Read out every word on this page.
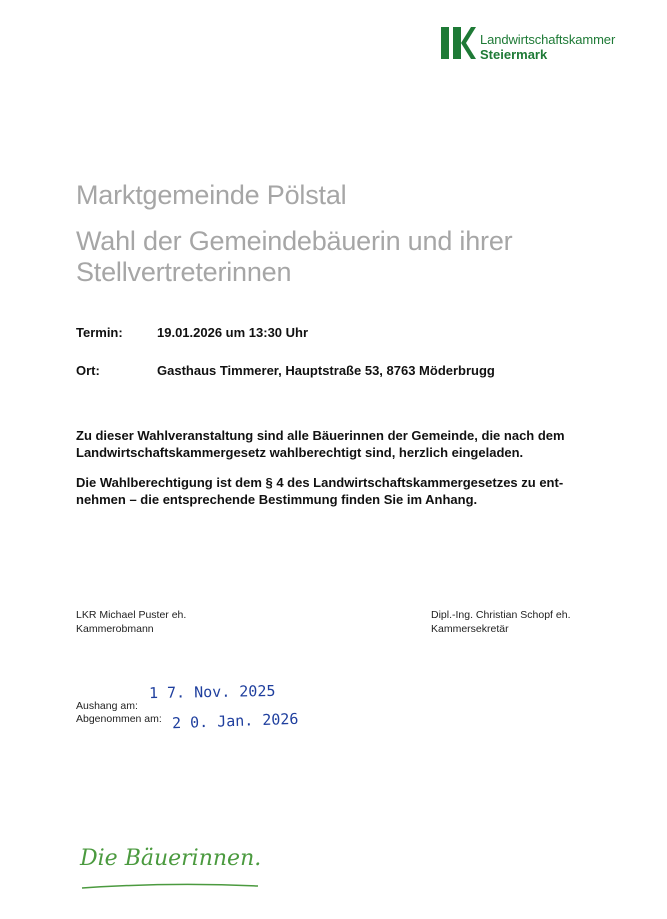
Landwirtschaftskammer
Steiermark
Marktgemeinde Pölstal
Wahl der Gemeindebäuerin und ihrer
Stellvertreterinnen
Termin:	19.01.2026 um 13:30 Uhr
Ort:	Gasthaus Timmerer, Hauptstraße 53, 8763 Möderbrugg

Zu dieser Wahlveranstaltung sind alle Bäuerinnen der Gemeinde, die nach dem Landwirtschaftskammergesetz wahlberechtigt sind, herzlich eingeladen.

Die Wahlberechtigung ist dem § 4 des Landwirtschaftskammergesetzes zu ent-nehmen – die entsprechende Bestimmung finden Sie im Anhang.

LKR Michael Puster eh.
Kammerobmann
Dipl.-Ing. Christian Schopf eh.
Kammersekretär
Aushang am:
Abgenommen am:
1 7. Nov. 2025
2 0. Jan. 2026
Die Bäuerinnen.
